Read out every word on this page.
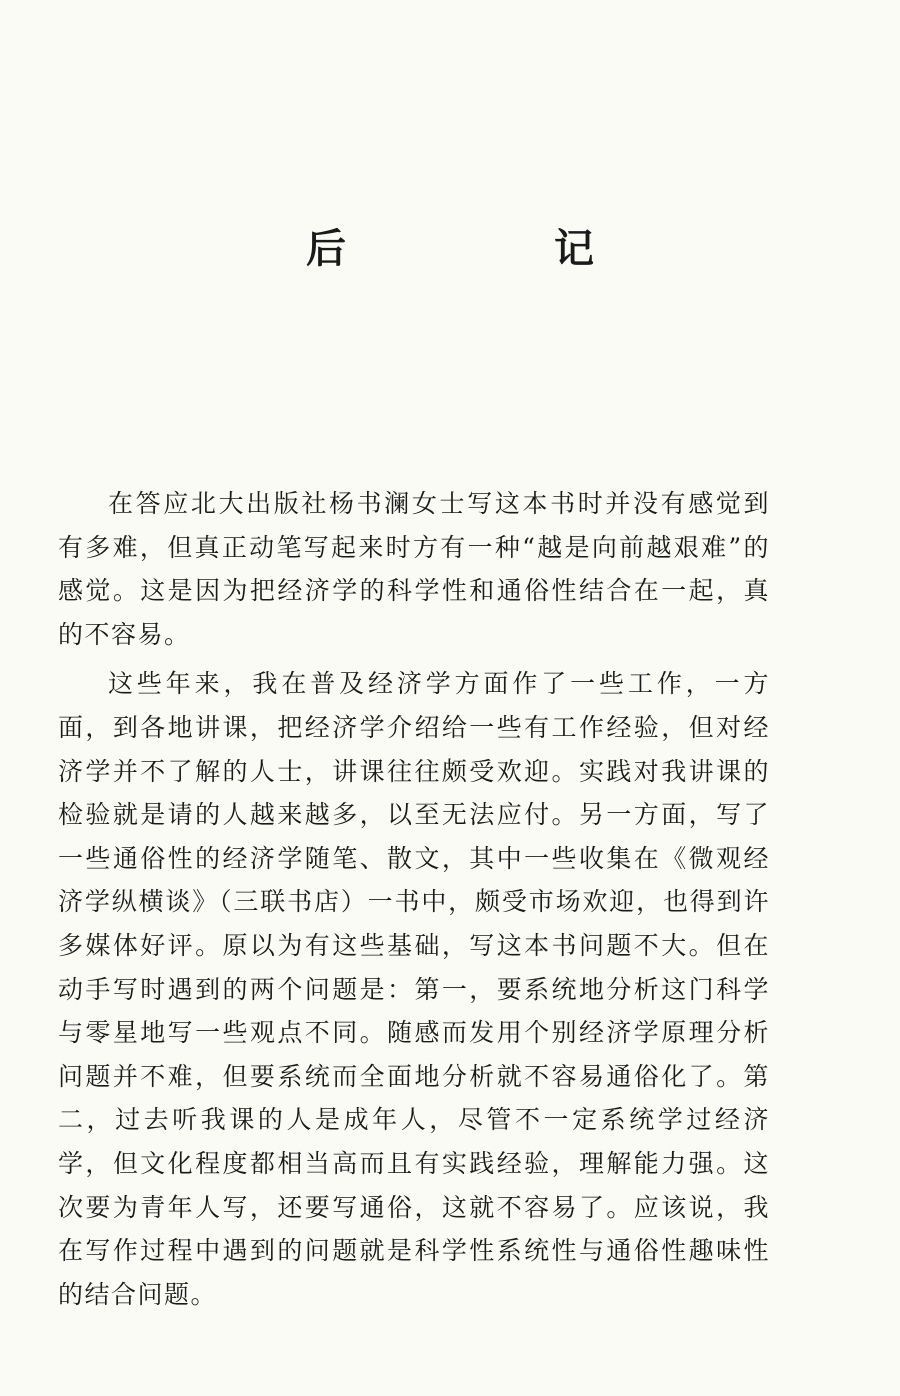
后　记

在答应北大出版社杨书澜女士写这本书时并没有感觉到有多难，但真正动笔写起来时方有一种“越是向前越艰难”的感觉。这是因为把经济学的科学性和通俗性结合在一起，真的不容易。

这些年来，我在普及经济学方面作了一些工作，一方面，到各地讲课，把经济学介绍给一些有工作经验，但对经济学并不了解的人士，讲课往往颇受欢迎。实践对我讲课的检验就是请的人越来越多，以至无法应付。另一方面，写了一些通俗性的经济学随笔、散文，其中一些收集在《微观经济学纵横谈》（三联书店）一书中，颇受市场欢迎，也得到许多媒体好评。原以为有这些基础，写这本书问题不大。但在动手写时遇到的两个问题是：第一，要系统地分析这门科学与零星地写一些观点不同。随感而发用个别经济学原理分析问题并不难，但要系统而全面地分析就不容易通俗化了。第二，过去听我课的人是成年人，尽管不一定系统学过经济学，但文化程度都相当高而且有实践经验，理解能力强。这次要为青年人写，还要写通俗，这就不容易了。应该说，我在写作过程中遇到的问题就是科学性系统性与通俗性趣味性的结合问题。
